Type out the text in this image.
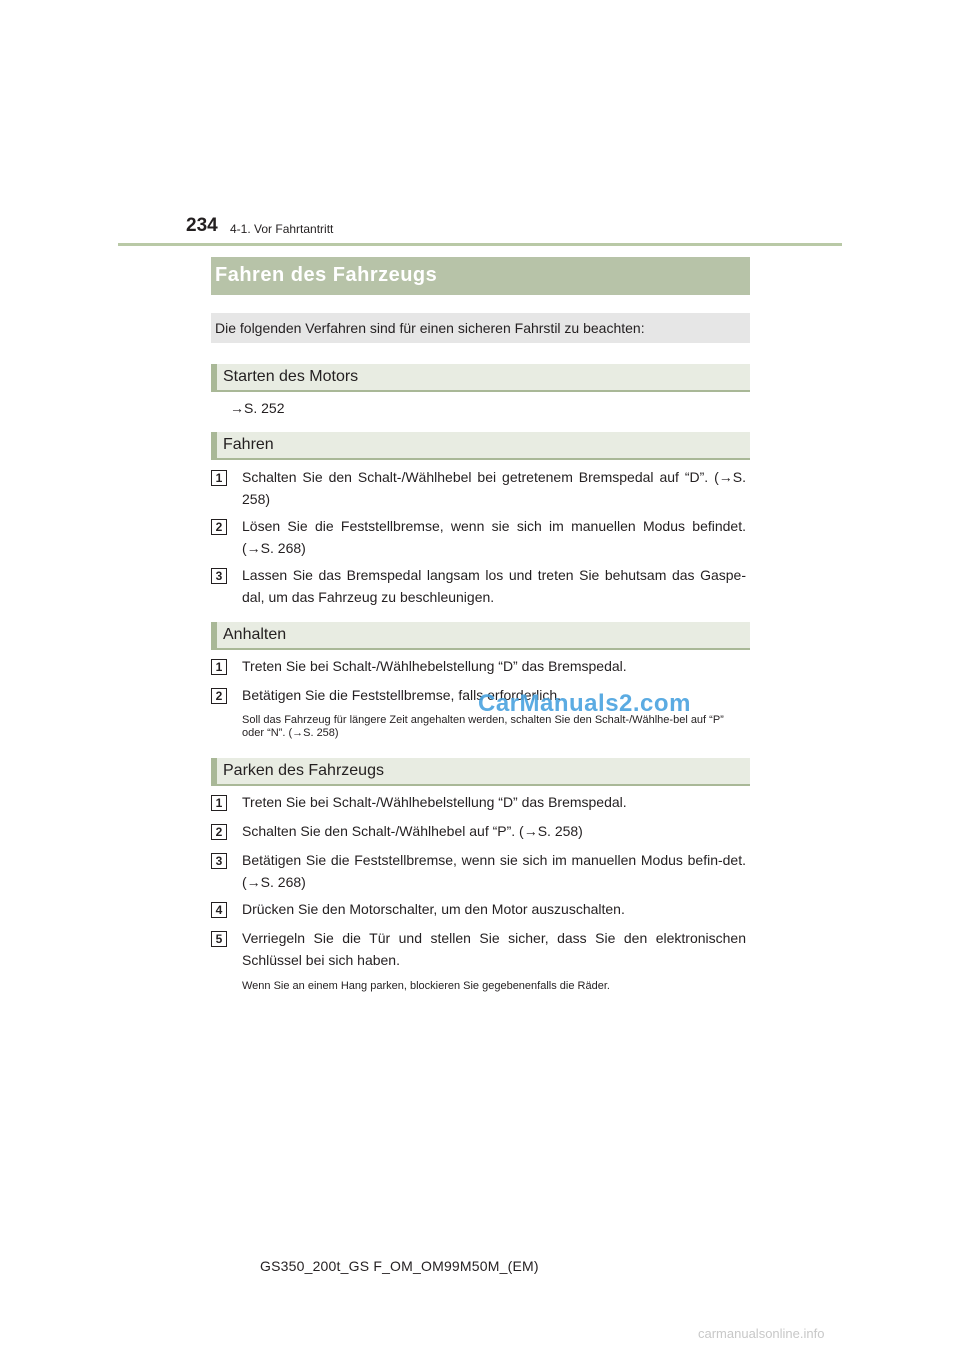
234 4-1. Vor Fahrtantritt
Fahren des Fahrzeugs
Die folgenden Verfahren sind für einen sicheren Fahrstil zu beachten:
Starten des Motors
→S. 252
Fahren
1	Schalten Sie den Schalt-/Wählhebel bei getretenem Bremspedal auf “D”. (→S. 258)
2	Lösen Sie die Feststellbremse, wenn sie sich im manuellen Modus befindet. (→S. 268)
3	Lassen Sie das Bremspedal langsam los und treten Sie behutsam das Gaspe-dal, um das Fahrzeug zu beschleunigen.
Anhalten
1	Treten Sie bei Schalt-/Wählhebelstellung “D” das Bremspedal.
2	Betätigen Sie die Feststellbremse, falls erforderlich.
Soll das Fahrzeug für längere Zeit angehalten werden, schalten Sie den Schalt-/Wählhe-bel auf “P” oder “N”. (→S. 258)
Parken des Fahrzeugs
1	Treten Sie bei Schalt-/Wählhebelstellung “D” das Bremspedal.
2	Schalten Sie den Schalt-/Wählhebel auf “P”. (→S. 258)
3	Betätigen Sie die Feststellbremse, wenn sie sich im manuellen Modus befin-det. (→S. 268)
4	Drücken Sie den Motorschalter, um den Motor auszuschalten.
5	Verriegeln Sie die Tür und stellen Sie sicher, dass Sie den elektronischen Schlüssel bei sich haben.
Wenn Sie an einem Hang parken, blockieren Sie gegebenenfalls die Räder.
CarManuals2.com
GS350_200t_GS F_OM_OM99M50M_(EM)
carmanualsonline.info
